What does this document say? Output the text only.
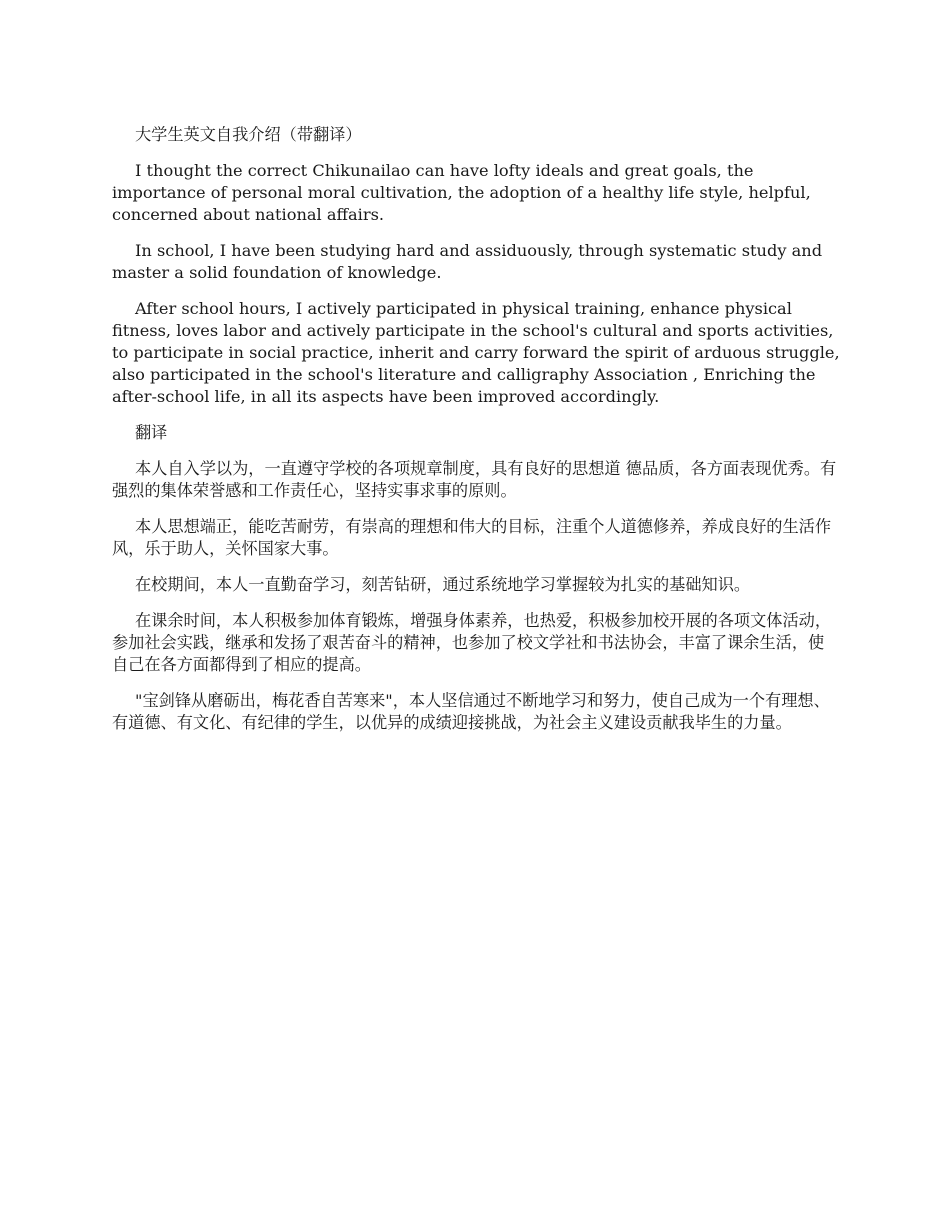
大学生英文自我介绍（带翻译）

I thought the correct Chikunailao can have lofty ideals and great goals, the importance of personal moral cultivation, the adoption of a healthy life style, helpful, concerned about national affairs.

In school, I have been studying hard and assiduously, through systematic study and master a solid foundation of knowledge.

After school hours, I actively participated in physical training, enhance physical fitness, loves labor and actively participate in the school's cultural and sports activities, to participate in social practice, inherit and carry forward the spirit of arduous struggle, also participated in the school's literature and calligraphy Association , Enriching the after-school life, in all its aspects have been improved accordingly.

翻译

本人自入学以为，一直遵守学校的各项规章制度，具有良好的思想道 德品质，各方面表现优秀。有强烈的集体荣誉感和工作责任心，坚持实事求事的原则。

本人思想端正，能吃苦耐劳，有崇高的理想和伟大的目标，注重个人道德修养，养成良好的生活作风，乐于助人，关怀国家大事。

在校期间，本人一直勤奋学习，刻苦钻研，通过系统地学习掌握较为扎实的基础知识。

在课余时间，本人积极参加体育锻炼，增强身体素养，也热爱，积极参加校开展的各项文体活动，参加社会实践，继承和发扬了艰苦奋斗的精神，也参加了校文学社和书法协会，丰富了课余生活，使自己在各方面都得到了相应的提高。

"宝剑锋从磨砺出，梅花香自苦寒来"，本人坚信通过不断地学习和努力，使自己成为一个有理想、有道德、有文化、有纪律的学生，以优异的成绩迎接挑战，为社会主义建设贡献我毕生的力量。
